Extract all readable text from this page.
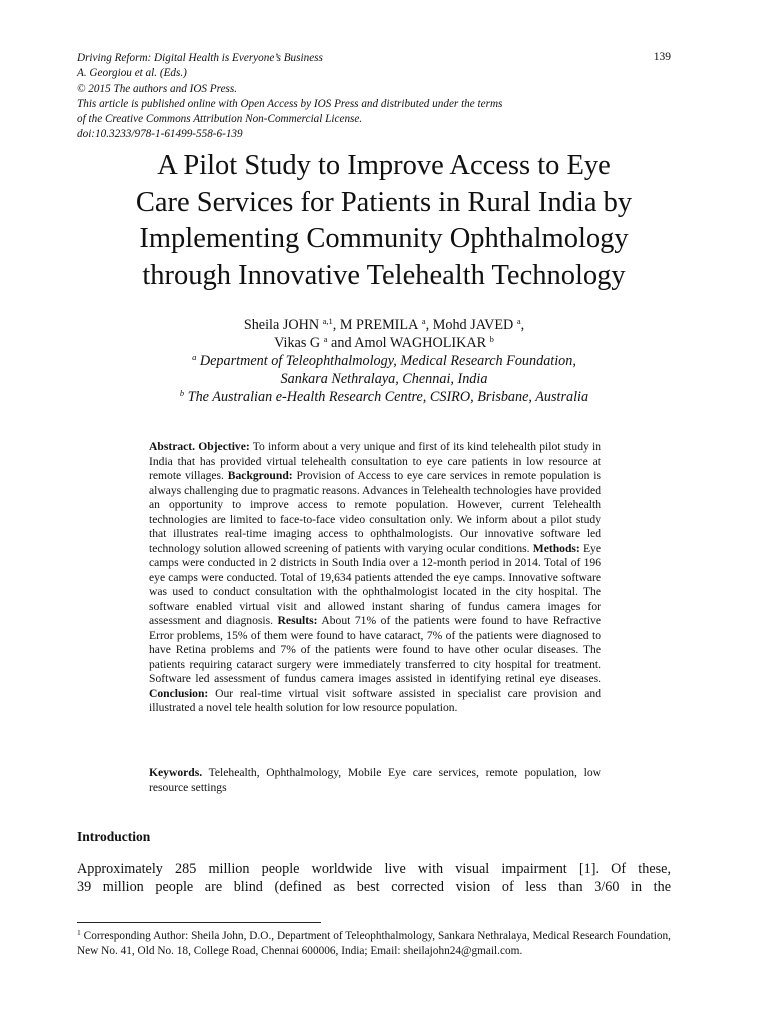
Driving Reform: Digital Health is Everyone’s Business
A. Georgiou et al. (Eds.)
© 2015 The authors and IOS Press.
This article is published online with Open Access by IOS Press and distributed under the terms
of the Creative Commons Attribution Non-Commercial License.
doi:10.3233/978-1-61499-558-6-139
139
A Pilot Study to Improve Access to Eye
Care Services for Patients in Rural India by
Implementing Community Ophthalmology
through Innovative Telehealth Technology
Sheila JOHN $^{a,1}$, M PREMILA $^a$, Mohd JAVED $^a$,
Vikas G $^a$ and Amol WAGHOLIKAR $^b$
$^a$ Department of Teleophthalmology, Medical Research Foundation,
Sankara Nethralaya, Chennai, India
$^b$ The Australian e-Health Research Centre, CSIRO, Brisbane, Australia
Abstract. Objective: To inform about a very unique and first of its kind telehealth pilot study in India that has provided virtual telehealth consultation to eye care patients in low resource at remote villages. Background: Provision of Access to eye care services in remote population is always challenging due to pragmatic reasons. Advances in Telehealth technologies have provided an opportunity to improve access to remote population. However, current Telehealth technologies are limited to face-to-face video consultation only. We inform about a pilot study that illustrates real-time imaging access to ophthalmologists. Our innovative software led technology solution allowed screening of patients with varying ocular conditions. Methods: Eye camps were conducted in 2 districts in South India over a 12-month period in 2014. Total of 196 eye camps were conducted. Total of 19,634 patients attended the eye camps. Innovative software was used to conduct consultation with the ophthalmologist located in the city hospital. The software enabled virtual visit and allowed instant sharing of fundus camera images for assessment and diagnosis. Results: About 71% of the patients were found to have Refractive Error problems, 15% of them were found to have cataract, 7% of the patients were diagnosed to have Retina problems and 7% of the patients were found to have other ocular diseases. The patients requiring cataract surgery were immediately transferred to city hospital for treatment. Software led assessment of fundus camera images assisted in identifying retinal eye diseases. Conclusion: Our real-time virtual visit software assisted in specialist care provision and illustrated a novel tele health solution for low resource population.
Keywords. Telehealth, Ophthalmology, Mobile Eye care services, remote population, low resource settings
Introduction
Approximately 285 million people worldwide live with visual impairment [1]. Of these,
39 million people are blind (defined as best corrected vision of less than 3/60 in the
$^1$ Corresponding Author: Sheila John, D.O., Department of Teleophthalmology, Sankara Nethralaya, Medical Research Foundation, New No. 41, Old No. 18, College Road, Chennai 600006, India; Email: sheilajohn24@gmail.com.
